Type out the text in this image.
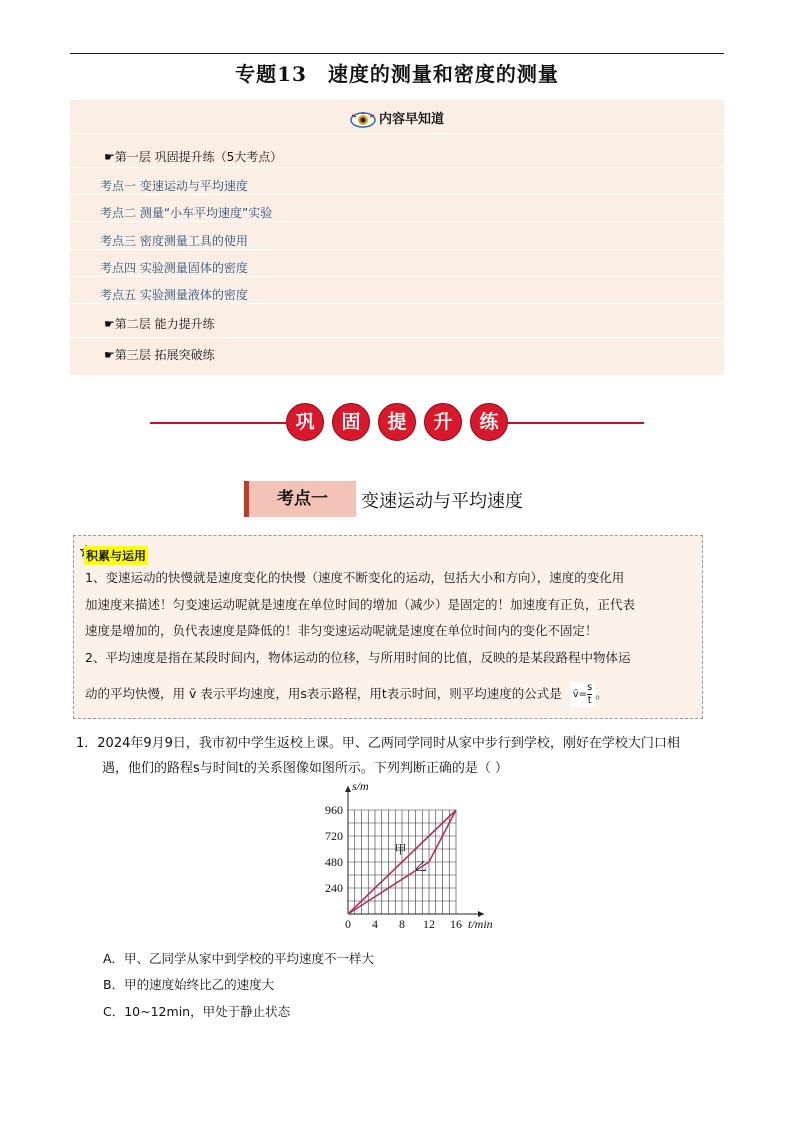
专题13　速度的测量和密度的测量
内容早知道
☛第一层 巩固提升练（5大考点）
考点一 变速运动与平均速度
考点二 测量“小车平均速度”实验
考点三 密度测量工具的使用
考点四 实验测量固体的密度
考点五 实验测量液体的密度
☛第二层 能力提升练
☛第三层 拓展突破练
巩	固	提	升	练
考点一	变速运动与平均速度
积累与运用
1、变速运动的快慢就是速度变化的快慢（速度不断变化的运动，包括大小和方向），速度的变化用
加速度来描述！匀变速运动呢就是速度在单位时间的增加（减少）是固定的！加速度有正负，正代表
速度是增加的，负代表速度是降低的！非匀变速运动呢就是速度在单位时间内的变化不固定！
2、平均速度是指在某段时间内，物体运动的位移，与所用时间的比值，反映的是某段路程中物体运
动的平均快慢，用 v̄ 表示平均速度，用s表示路程，用t表示时间，则平均速度的公式是 v̄= $\frac{s}{t}$ 。
1．2024年9月9日，我市初中学生返校上课。甲、乙两同学同时从家中步行到学校，刚好在学校大门口相
遇，他们的路程s与时间t的关系图像如图所示。下列判断正确的是（ ）
0 4 8 12 16
240
480
720
960
t/min
s/m
甲
乙
A．甲、乙同学从家中到学校的平均速度不一样大
B．甲的速度始终比乙的速度大
C．10~12min，甲处于静止状态
